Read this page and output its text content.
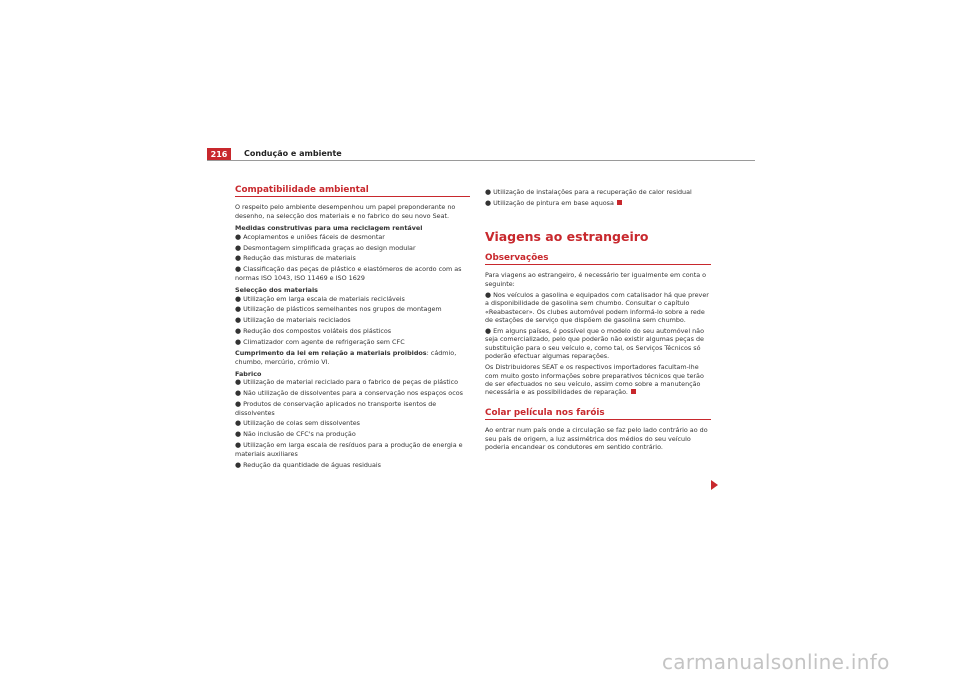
216	Condução e ambiente
Compatibilidade ambiental
O respeito pelo ambiente desempenhou um papel preponderante no desenho, na selecção dos materiais e no fabrico do seu novo Seat.
Medidas construtivas para uma reciclagem rentável
● Acoplamentos e uniões fáceis de desmontar
● Desmontagem simplificada graças ao design modular
● Redução das misturas de materiais
● Classificação das peças de plástico e elastómeros de acordo com as normas ISO 1043, ISO 11469 e ISO 1629
Selecção dos materiais
● Utilização em larga escala de materiais recicláveis
● Utilização de plásticos semelhantes nos grupos de montagem
● Utilização de materiais reciclados
● Redução dos compostos voláteis dos plásticos
● Climatizador com agente de refrigeração sem CFC
Cumprimento da lei em relação a materiais proibidos: cádmio, chumbo, mercúrio, crómio VI.
Fabrico
● Utilização de material reciclado para o fabrico de peças de plástico
● Não utilização de dissolventes para a conservação nos espaços ocos
● Produtos de conservação aplicados no transporte isentos de dissolventes
● Utilização de colas sem dissolventes
● Não inclusão de CFC's na produção
● Utilização em larga escala de resíduos para a produção de energia e materiais auxiliares
● Redução da quantidade de águas residuais
● Utilização de instalações para a recuperação de calor residual
● Utilização de pintura em base aquosa
Viagens ao estrangeiro
Observações
Para viagens ao estrangeiro, é necessário ter igualmente em conta o seguinte:
● Nos veículos a gasolina e equipados com catalisador há que prever a disponibilidade de gasolina sem chumbo. Consultar o capítulo «Reabastecer». Os clubes automóvel podem informá-lo sobre a rede de estações de serviço que dispõem de gasolina sem chumbo.
● Em alguns países, é possível que o modelo do seu automóvel não seja comercializado, pelo que poderão não existir algumas peças de substituição para o seu veículo e, como tal, os Serviços Técnicos só poderão efectuar algumas reparações.
Os Distribuidores SEAT e os respectivos importadores facultam-lhe com muito gosto informações sobre preparativos técnicos que terão de ser efectuados no seu veículo, assim como sobre a manutenção necessária e as possibilidades de reparação.
Colar película nos faróis
Ao entrar num país onde a circulação se faz pelo lado contrário ao do seu país de origem, a luz assimétrica dos médios do seu veículo poderia encandear os condutores em sentido contrário.
carmanualsonline.info
